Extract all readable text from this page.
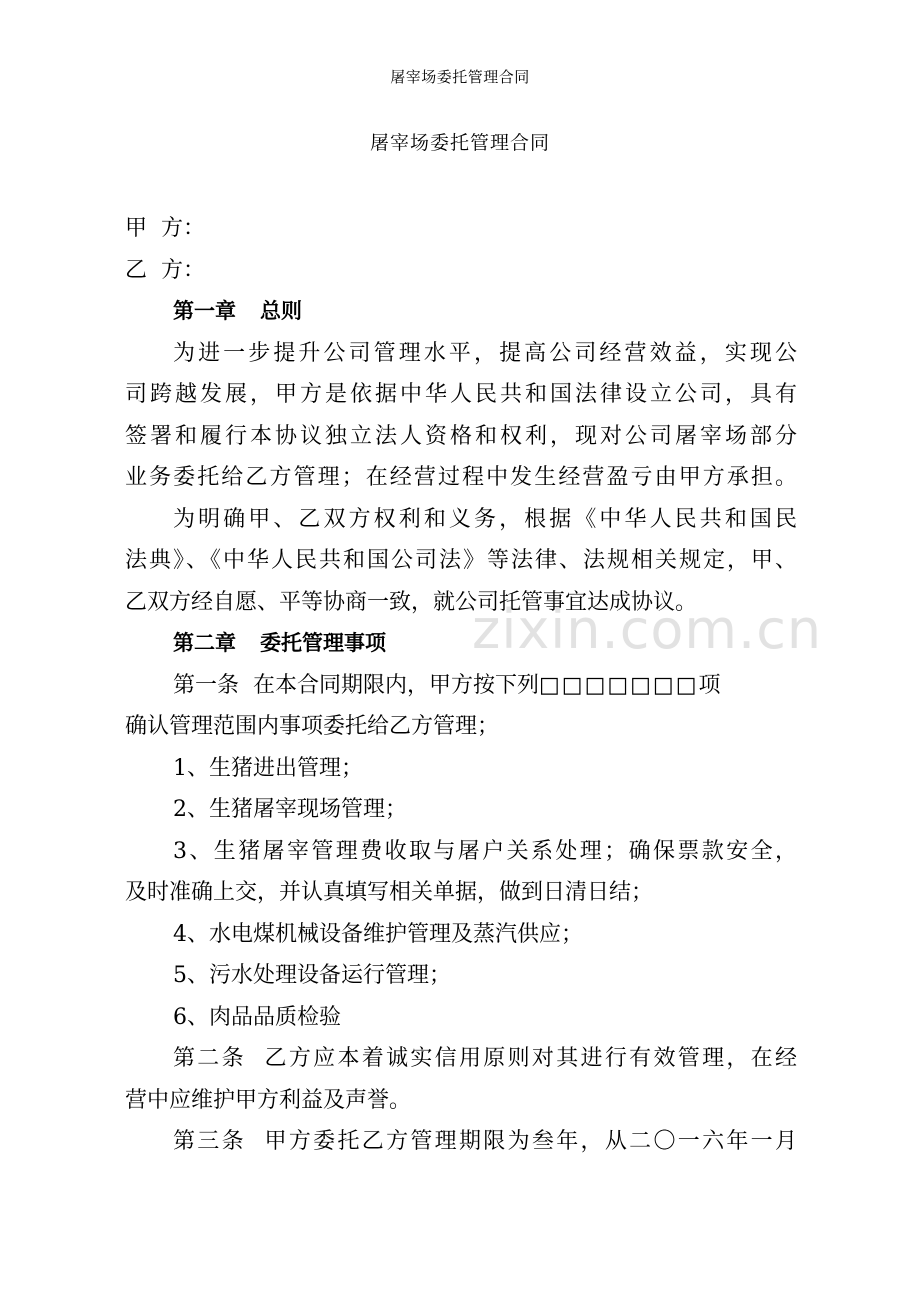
屠宰场委托管理合同
屠宰场委托管理合同
zixin.com.cn
甲  方：
乙  方：
第一章 总则
为进一步提升公司管理水平，提高公司经营效益，实现公
司跨越发展，甲方是依据中华人民共和国法律设立公司，具有
签署和履行本协议独立法人资格和权利，现对公司屠宰场部分
业务委托给乙方管理；在经营过程中发生经营盈亏由甲方承担。
为明确甲、乙双方权利和义务，根据《中华人民共和国民
法典》、《中华人民共和国公司法》等法律、法规相关规定，甲、
乙双方经自愿、平等协商一致，就公司托管事宜达成协议。
第二章 委托管理事项
第一条  在本合同期限内，甲方按下列□□□□□□□项
确认管理范围内事项委托给乙方管理；
1、生猪进出管理；
2、生猪屠宰现场管理；
3、生猪屠宰管理费收取与屠户关系处理；确保票款安全，
及时准确上交，并认真填写相关单据，做到日清日结；
4、水电煤机械设备维护管理及蒸汽供应；
5、污水处理设备运行管理；
6、肉品品质检验
第二条  乙方应本着诚实信用原则对其进行有效管理，在经
营中应维护甲方利益及声誉。
第三条  甲方委托乙方管理期限为叁年，从二〇一六年一月
